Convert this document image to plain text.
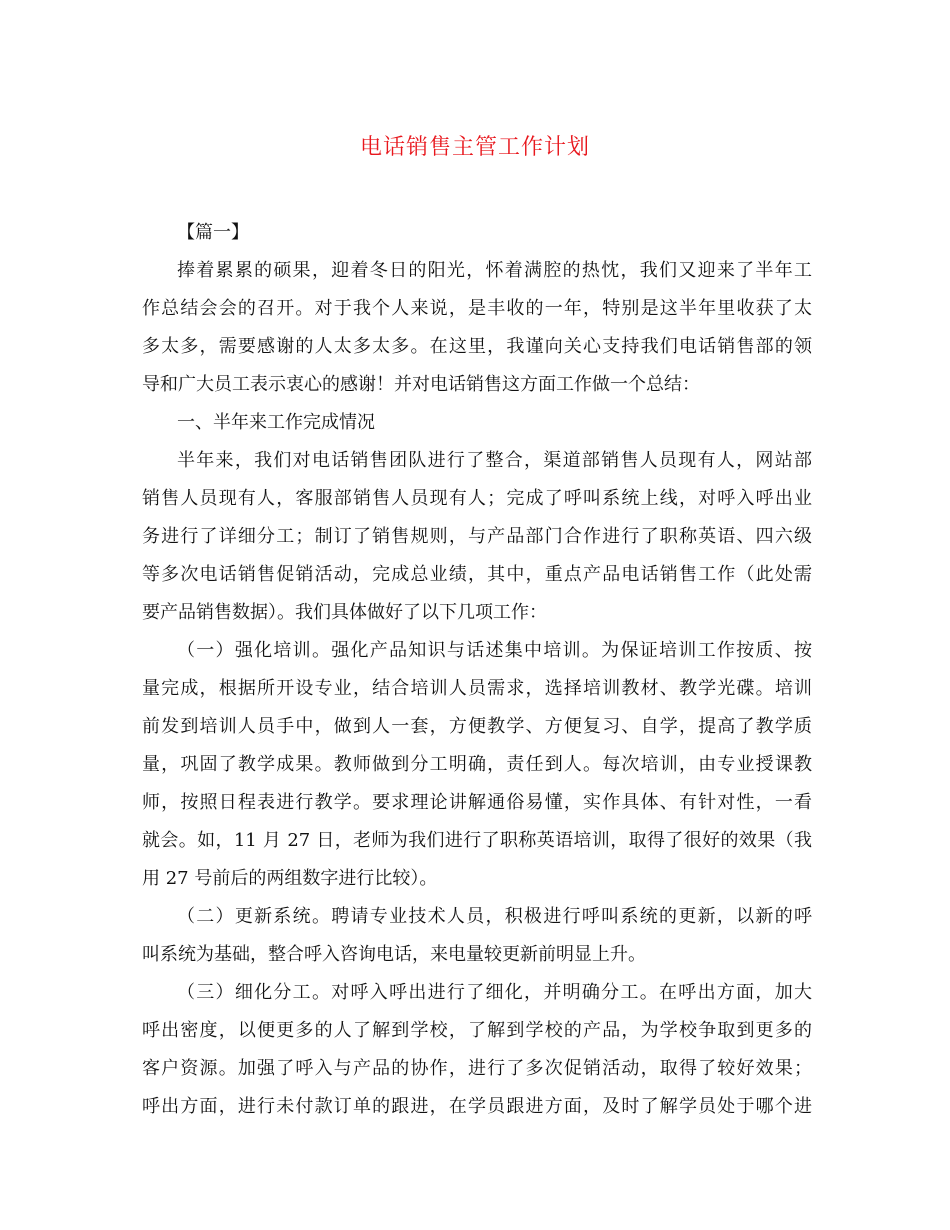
电话销售主管工作计划
【篇一】
捧着累累的硕果，迎着冬日的阳光，怀着满腔的热忱，我们又迎来了半年工
作总结会会的召开。对于我个人来说，是丰收的一年，特别是这半年里收获了太
多太多，需要感谢的人太多太多。在这里，我谨向关心支持我们电话销售部的领
导和广大员工表示衷心的感谢！并对电话销售这方面工作做一个总结：
一、半年来工作完成情况
半年来，我们对电话销售团队进行了整合，渠道部销售人员现有人，网站部
销售人员现有人，客服部销售人员现有人；完成了呼叫系统上线，对呼入呼出业
务进行了详细分工；制订了销售规则，与产品部门合作进行了职称英语、四六级
等多次电话销售促销活动，完成总业绩，其中，重点产品电话销售工作（此处需
要产品销售数据）。我们具体做好了以下几项工作：
（一）强化培训。强化产品知识与话述集中培训。为保证培训工作按质、按
量完成，根据所开设专业，结合培训人员需求，选择培训教材、教学光碟。培训
前发到培训人员手中，做到人一套，方便教学、方便复习、自学，提高了教学质
量，巩固了教学成果。教师做到分工明确，责任到人。每次培训，由专业授课教
师，按照日程表进行教学。要求理论讲解通俗易懂，实作具体、有针对性，一看
就会。如，11 月 27 日，老师为我们进行了职称英语培训，取得了很好的效果（我
用 27 号前后的两组数字进行比较）。
（二）更新系统。聘请专业技术人员，积极进行呼叫系统的更新，以新的呼
叫系统为基础，整合呼入咨询电话，来电量较更新前明显上升。
（三）细化分工。对呼入呼出进行了细化，并明确分工。在呼出方面，加大
呼出密度，以便更多的人了解到学校，了解到学校的产品，为学校争取到更多的
客户资源。加强了呼入与产品的协作，进行了多次促销活动，取得了较好效果；
呼出方面，进行未付款订单的跟进，在学员跟进方面，及时了解学员处于哪个进
